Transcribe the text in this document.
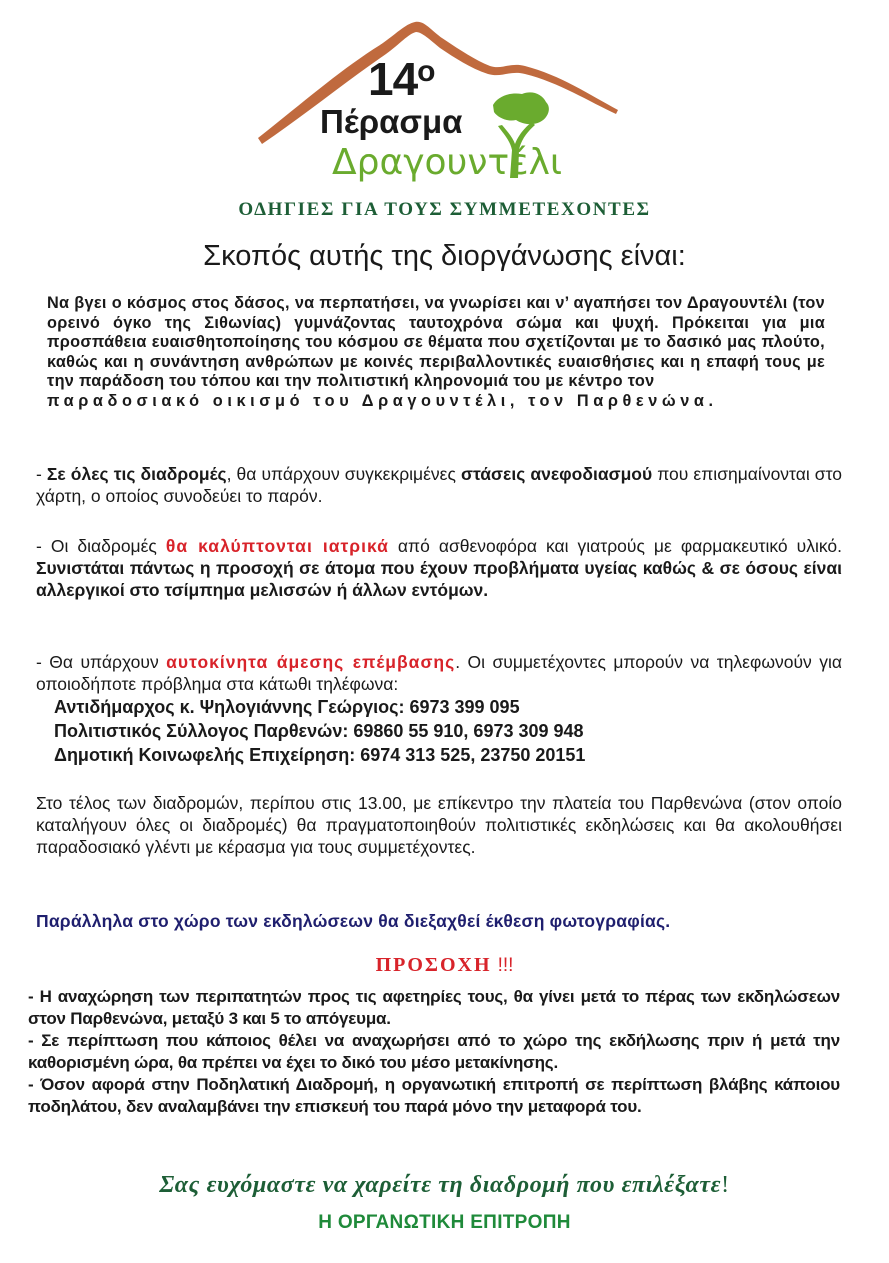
$14^o$
Πέρασμα
Δραγουντέλι
ΟΔΗΓΙΕΣ ΓΙΑ ΤΟΥΣ ΣΥΜΜΕΤΕΧΟΝΤΕΣ
Σκοπός αυτής της διοργάνωσης είναι:
Να βγει ο κόσμος στος δάσος, να περπατήσει, να γνωρίσει και ν’ αγαπήσει τον Δραγουντέλι (τον ορεινό όγκο της Σιθωνίας) γυμνάζοντας ταυτοχρόνα σώμα και ψυχή. Πρόκειται για μια προσπάθεια ευαισθητοποίησης του κόσμου σε θέματα που σχετίζονται με το δασικό μας πλούτο, καθώς και η συνάντηση ανθρώπων με κοινές περιβαλλοντικές ευαισθήσιες και η επαφή τους με την παράδοση του τόπου και την πολιτιστική κληρονομιά του με κέντρο τον
παραδοσιακό οικισμό του Δραγουντέλι, τον Παρθενώνα.
- Σε όλες τις διαδρομές, θα υπάρχουν συγκεκριμένες στάσεις ανεφοδιασμού που επισημαίνονται στο χάρτη, ο οποίος συνοδεύει το παρόν.
- Οι διαδρομές θα καλύπτονται ιατρικά από ασθενοφόρα και γιατρούς με φαρμακευτικό υλικό. Συνιστάται πάντως η προσοχή σε άτομα που έχουν προβλήματα υγείας καθώς & σε όσους είναι αλλεργικοί στο τσίμπημα μελισσών ή άλλων εντόμων.
- Θα υπάρχουν αυτοκίνητα άμεσης επέμβασης. Οι συμμετέχοντες μπορούν να τηλεφωνούν για οποιοδήποτε πρόβλημα στα κάτωθι τηλέφωνα:
Αντιδήμαρχος κ. Ψηλογιάννης Γεώργιος: 6973 399 095
Πολιτιστικός Σύλλογος Παρθενών: 69860 55 910, 6973 309 948
Δημοτική Κοινωφελής Επιχείρηση: 6974 313 525, 23750 20151
Στο τέλος των διαδρομών, περίπου στις 13.00, με επίκεντρο την πλατεία του Παρθενώνα (στον οποίο καταλήγουν όλες οι διαδρομές) θα πραγματοποιηθούν πολιτιστικές εκδηλώσεις και θα ακολουθήσει παραδοσιακό γλέντι με κέρασμα για τους συμμετέχοντες.
Παράλληλα στο χώρο των εκδηλώσεων θα διεξαχθεί έκθεση φωτογραφίας.
ΠΡΟΣΟΧΗ !!!

- Η αναχώρηση των περιπατητών προς τις αφετηρίες τους, θα γίνει μετά το πέρας των εκδηλώσεων στον Παρθενώνα, μεταξύ 3 και 5 το απόγευμα.

- Σε περίπτωση που κάποιος θέλει να αναχωρήσει από το χώρο της εκδήλωσης πριν ή μετά την καθορισμένη ώρα, θα πρέπει να έχει το δικό του μέσο μετακίνησης.

- Όσον αφορά στην Ποδηλατική Διαδρομή, η οργανωτική επιτροπή σε περίπτωση βλάβης κάποιου ποδηλάτου, δεν αναλαμβάνει την επισκευή του παρά μόνο την μεταφορά του.

Σας ευχόμαστε να χαρείτε τη διαδρομή που επιλέξατε!
Η ΟΡΓΑΝΩΤΙΚΗ ΕΠΙΤΡΟΠΗ
